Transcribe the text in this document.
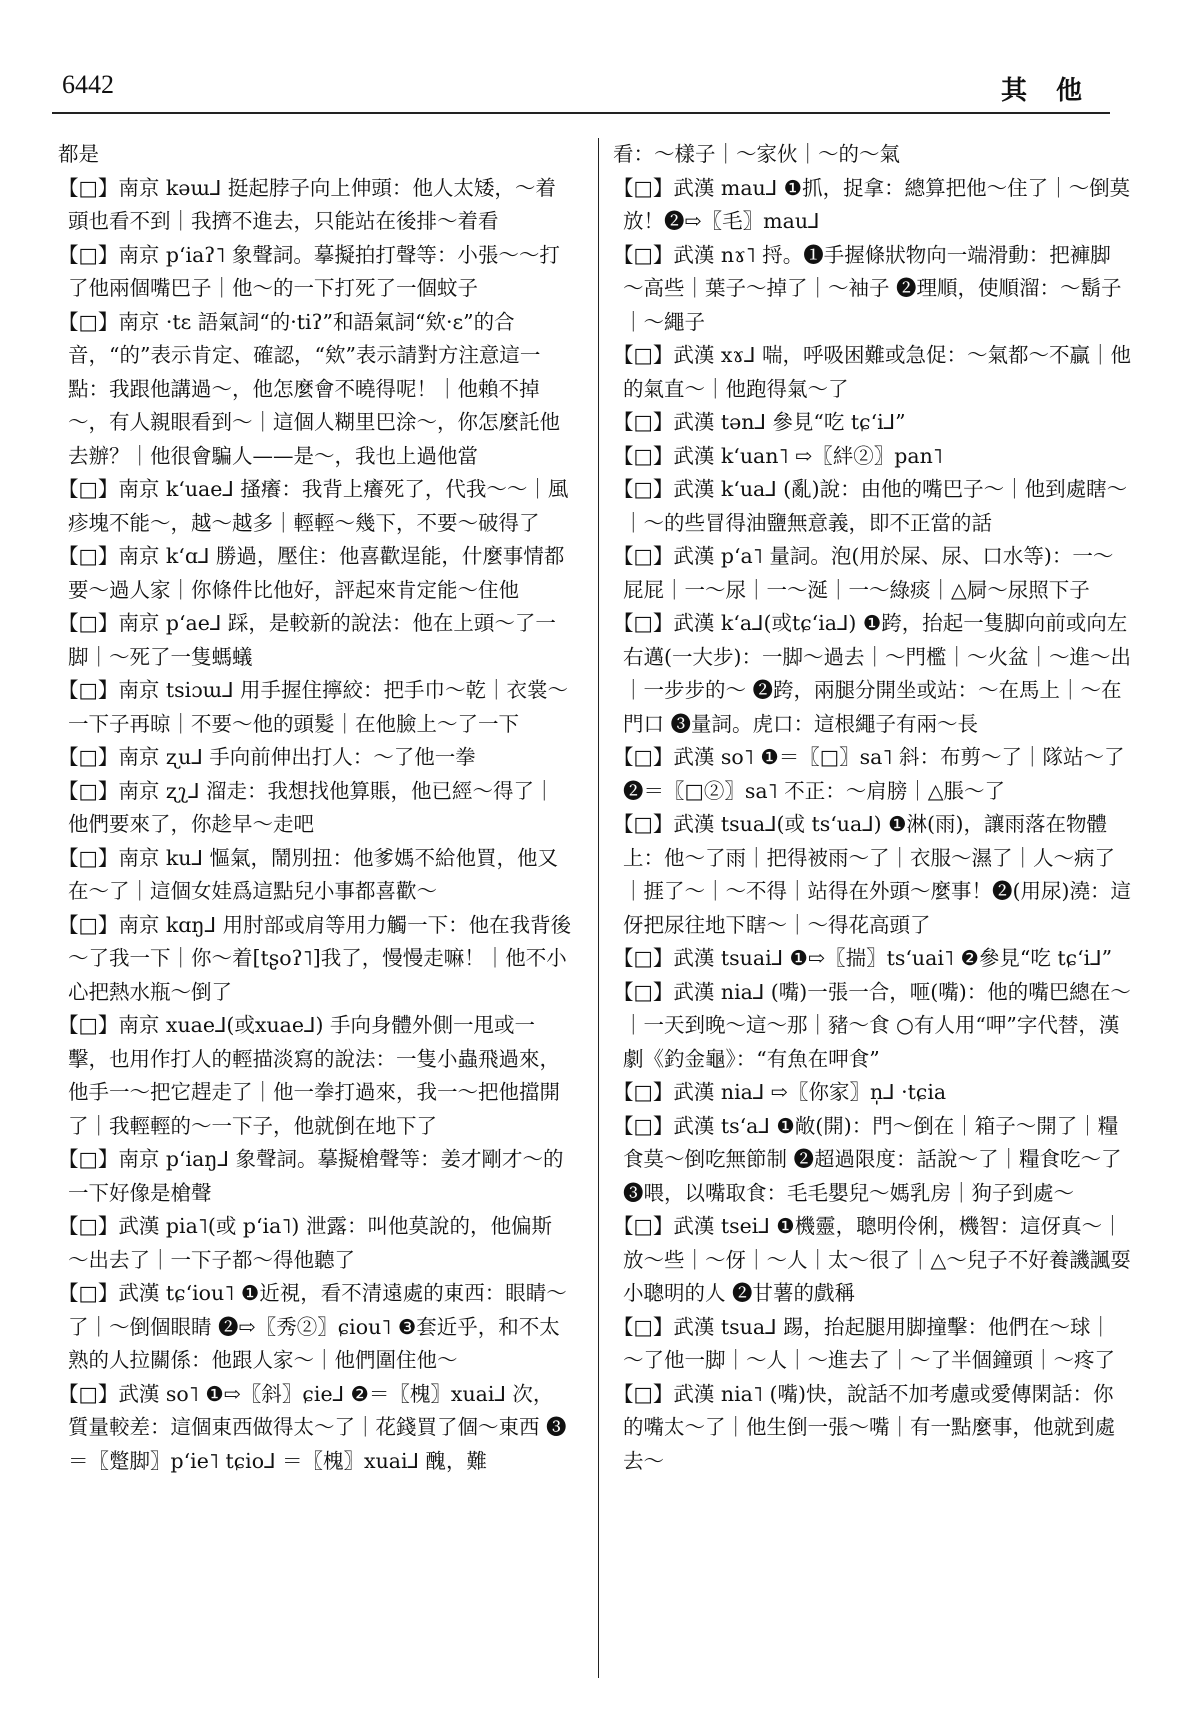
6442	其 他
都是
【□】南京 kəɯ⅃ 挺起脖子向上伸頭：他人太矮，～着頭也看不到｜我擠不進去，只能站在後排～着看
【□】南京 pʻiaʔ˥ 象聲詞。摹擬拍打聲等：小張～～打了他兩個嘴巴子｜他～的一下打死了一個蚊子
【□】南京 ·tɛ 語氣詞“的·tiʔ”和語氣詞“欸·ɛ”的合音，“的”表示肯定、確認，“欸”表示請對方注意這一點：我跟他講過～，他怎麼會不曉得呢！｜他賴不掉～，有人親眼看到～｜這個人糊里巴涂～，你怎麼託他去辦？｜他很會騙人——是～，我也上過他當
【□】南京 kʻuae⅃ 搔癢：我背上癢死了，代我～～｜風疹塊不能～，越～越多｜輕輕～幾下，不要～破得了
【□】南京 kʻɑ⅃ 勝過，壓住：他喜歡逞能，什麼事情都要～過人家｜你條件比他好，評起來肯定能～住他
【□】南京 pʻae⅃ 踩，是較新的說法：他在上頭～了一脚｜～死了一隻螞蟻
【□】南京 tsiɔɯ⅃ 用手握住擰絞：把手巾～乾｜衣裳～一下子再晾｜不要～他的頭髮｜在他臉上～了一下
【□】南京 ʐu⅃ 手向前伸出打人：～了他一拳
【□】南京 ʐʅ⅃ 溜走：我想找他算賬，他已經～得了｜他們要來了，你趁早～走吧
【□】南京 ku⅃ 慪氣，鬧別扭：他爹媽不給他買，他又在～了｜這個女娃爲這點兒小事都喜歡～
【□】南京 kɑŋ⅃ 用肘部或肩等用力觸一下：他在我背後～了我一下｜你～着[tʂoʔ˥]我了，慢慢走嘛！｜他不小心把熱水瓶～倒了
【□】南京 xuae⅃(或xuae⅃) 手向身體外側一甩或一擊，也用作打人的輕描淡寫的說法：一隻小蟲飛過來，他手一～把它趕走了｜他一拳打過來，我一～把他擋開了｜我輕輕的～一下子，他就倒在地下了
【□】南京 pʻiaŋ⅃ 象聲詞。摹擬槍聲等：姜才剛才～的一下好像是槍聲
【□】武漢 pia˥(或 pʻia˥) 泄露：叫他莫說的，他偏斯～出去了｜一下子都～得他聽了
【□】武漢 tɕʻiou˥ ❶近視，看不清遠處的東西：眼睛～了｜～倒個眼睛 ❷⇨〖秀②〗ɕiou˥ ❸套近乎，和不太熟的人拉關係：他跟人家～｜他們圍住他～
【□】武漢 so˥ ❶⇨〖斜〗ɕie⅃ ❷＝〖槐〗xuai⅃ 次，質量較差：這個東西做得太～了｜花錢買了個～東西 ❸＝〖蹩脚〗pʻie˥ tɕio⅃ ＝〖槐〗xuai⅃ 醜，難
看：～樣子｜～家伙｜～的～氣
【□】武漢 mau⅃ ❶抓，捉拿：總算把他～住了｜～倒莫放！❷⇨〖毛〗mau⅃
【□】武漢 nɤ˥ 捋。❶手握條狀物向一端滑動：把褲脚～高些｜葉子～掉了｜～袖子 ❷理順，使順溜：～鬍子｜～繩子
【□】武漢 xɤ⅃ 喘，呼吸困難或急促：～氣都～不贏｜他的氣直～｜他跑得氣～了
【□】武漢 tən⅃ 參見“吃 tɕʻi⅃”
【□】武漢 kʻuan˥ ⇨〖絆②〗pan˥
【□】武漢 kʻua⅃ (亂)說：由他的嘴巴子～｜他到處瞎～｜～的些冒得油鹽無意義，即不正當的話
【□】武漢 pʻa˥ 量詞。泡(用於屎、尿、口水等)：一～屁屁｜一～尿｜一～涎｜一～綠痰｜△屙～尿照下子
【□】武漢 kʻa⅃(或tɕʻia⅃) ❶跨，抬起一隻脚向前或向左右邁(一大步)：一脚～過去｜～門檻｜～火盆｜～進～出｜一步步的～ ❷跨，兩腿分開坐或站：～在馬上｜～在門口 ❸量詞。虎口：這根繩子有兩～長
【□】武漢 so˥ ❶＝〖□〗sa˥ 斜：布剪～了｜隊站～了 ❷＝〖□②〗sa˥ 不正：～肩膀｜△脹～了
【□】武漢 tsua⅃(或 tsʻua⅃) ❶淋(雨)，讓雨落在物體上：他～了雨｜把得被雨～了｜衣服～濕了｜人～病了｜捱了～｜～不得｜站得在外頭～麼事！❷(用尿)澆：這伢把尿往地下瞎～｜～得花高頭了
【□】武漢 tsuai⅃ ❶⇨〖揣〗tsʻuai˥ ❷參見“吃 tɕʻi⅃”
【□】武漢 nia⅃ (嘴)一張一合，咂(嘴)：他的嘴巴總在～｜一天到晚～這～那｜豬～食 ○有人用“呷”字代替，漢劇《釣金龜》：“有魚在呷食”
【□】武漢 nia⅃ ⇨〖你家〗n̩⅃ ·tɕia
【□】武漢 tsʻa⅃ ❶敞(開)：門～倒在｜箱子～開了｜糧食莫～倒吃無節制 ❷超過限度：話說～了｜糧食吃～了 ❸喂，以嘴取食：毛毛嬰兒～媽乳房｜狗子到處～
【□】武漢 tsei⅃ ❶機靈，聰明伶俐，機智：這伢真～｜放～些｜～伢｜～人｜太～很了｜△～兒子不好養譏諷耍小聰明的人 ❷甘薯的戲稱
【□】武漢 tsua⅃ 踢，抬起腿用脚撞擊：他們在～球｜～了他一脚｜～人｜～進去了｜～了半個鐘頭｜～疼了
【□】武漢 nia˥ (嘴)快，說話不加考慮或愛傳閑話：你的嘴太～了｜他生倒一張～嘴｜有一點麼事，他就到處去～
